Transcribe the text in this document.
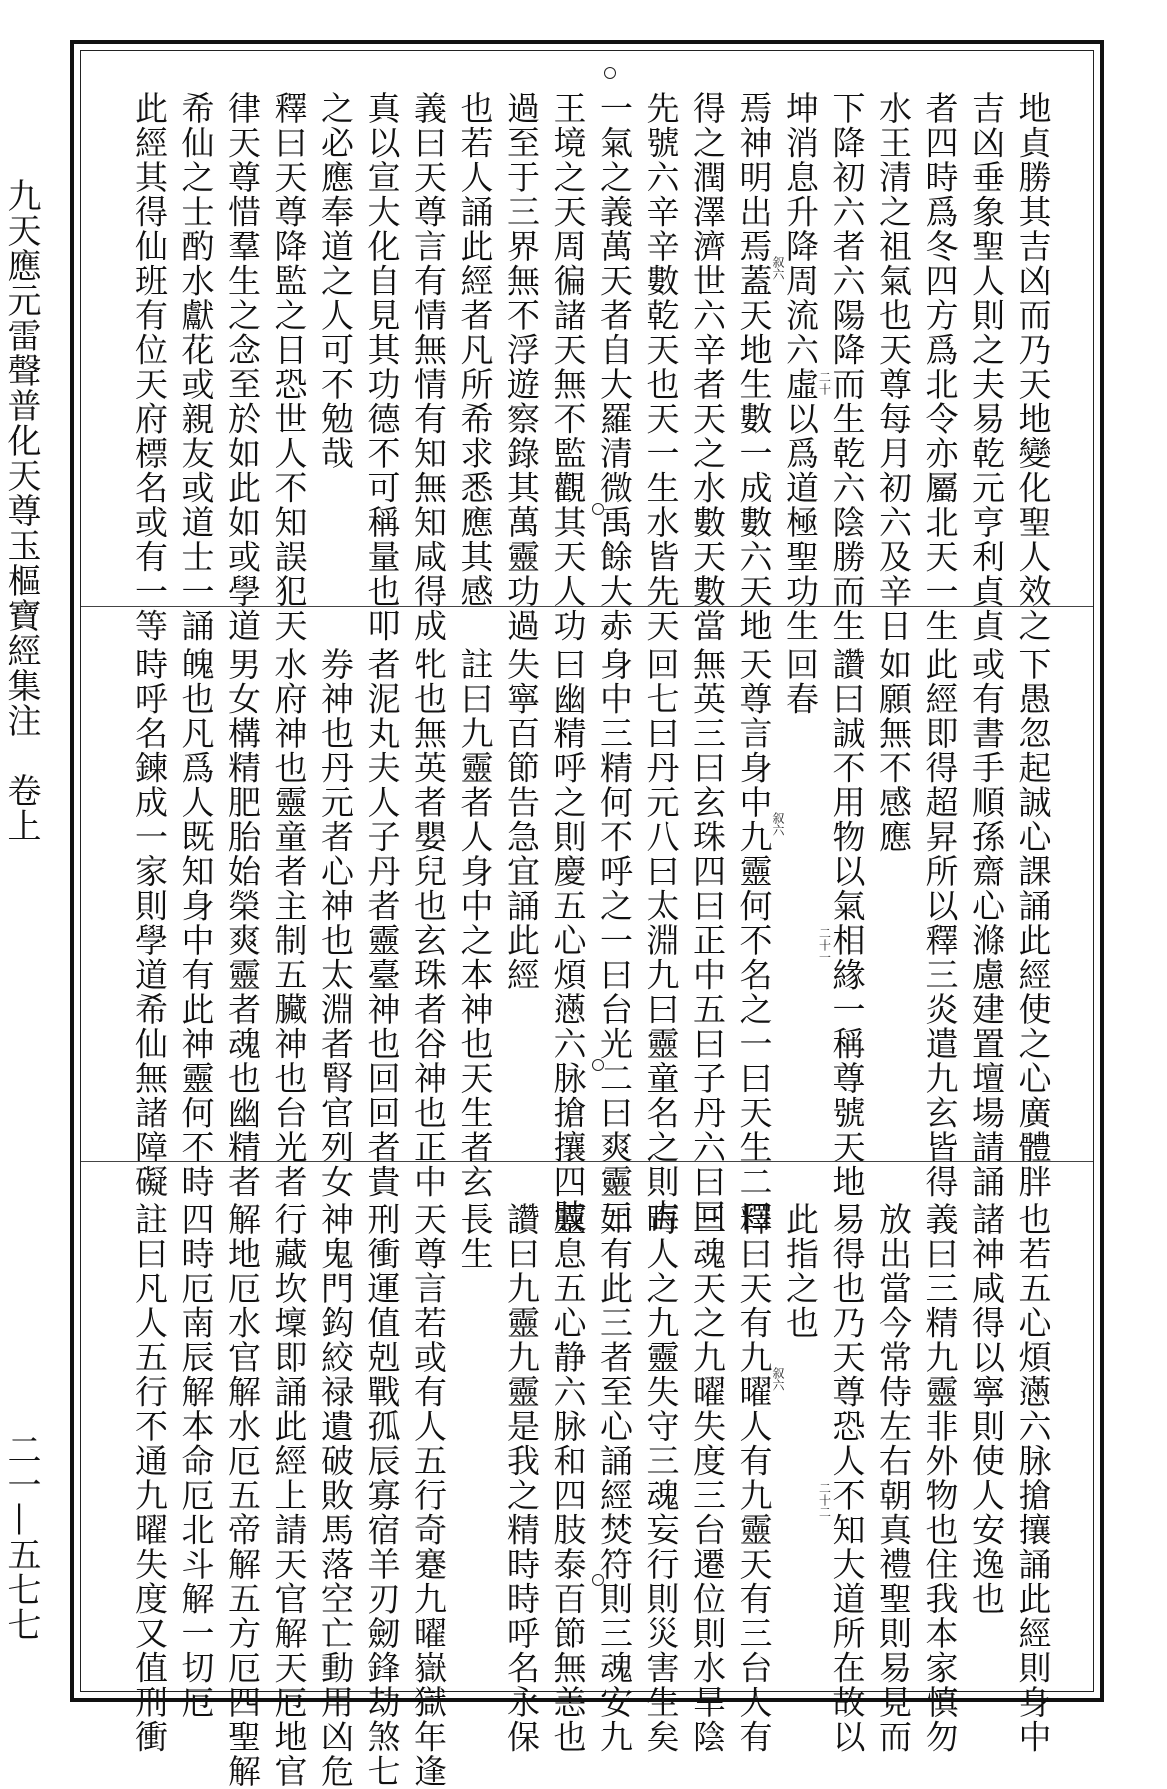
九天應元雷聲普化天尊玉樞寶經集注　卷上
二一—五七七
地貞勝其吉凶而乃天地變化聖人效之
吉凶垂象聖人則之夫易乾元亨利貞貞
者四時爲冬四方爲北令亦屬北天一生
水王清之祖氣也天尊每月初六及辛日
下降初六者六陽降而生乾六陰勝而生
坤消息升降周流六虛以爲道極聖功生
焉神明出焉蓋天地生數一成數六天地
得之潤澤濟世六辛者天之水數天數當
先號六辛辛數乾天也天一生水皆先天
一氣之義萬天者自大羅清微禹餘大赤
王境之天周徧諸天無不監觀其天人功
過至于三界無不浮遊察錄其萬靈功過
也若人誦此經者凡所希求悉應其感
義曰天尊言有情無情有知無知咸得成
真以宣大化自見其功德不可稱量也叩
之必應奉道之人可不勉哉
釋曰天尊降監之日恐世人不知誤犯天
律天尊惜羣生之念至於如此如或學道
希仙之士酌水獻花或親友或道士一誦
此經其得仙班有位天府標名或有一等	叙六
二十
下愚忽起誠心課誦此經使之心廣體胖
或有書手順孫齋心滌慮建置壇場請誦
此經即得超昇所以釋三炎遣九玄皆得
如願無不感應
讚曰誠不用物以氣相緣一稱尊號天地
回春
天尊言身中九靈何不名之一曰天生二曰
無英三曰玄珠四曰正中五曰子丹六曰回
回七曰丹元八曰太淵九曰靈童名之則吉
身中三精何不呼之一曰台光二曰爽靈三
曰幽精呼之則慶五心煩懣六脉搶攘四肢
失寧百節告急宜誦此經
註曰九靈者人身中之本神也天生者玄
牝也無英者嬰兒也玄珠者谷神也正中
者泥丸夫人子丹者靈臺神也回回者貴
券神也丹元者心神也太淵者腎官列女
水府神也靈童者主制五臟神也台光者
男女構精肥胎始榮爽靈者魂也幽精者
魄也凡爲人既知身中有此神靈何不時
時呼名鍊成一家則學道希仙無諸障礙	叙六
二十一
也若五心煩懣六脉搶攘誦此經則身中
諸神咸得以寧則使人安逸也
義曰三精九靈非外物也住我本家慎勿
放出當今常侍左右朝真禮聖則易見而
易得也乃天尊恐人不知大道所在故以
此指之也
釋曰天有九曜人有九靈天有三台人有
三魂天之九曜失度三台遷位則水旱陰
晦人之九靈失守三魂妄行則災害生矣
如有此三者至心誦經焚符則三魂安九
靈息五心静六脉和四肢泰百節無恙也
讚曰九靈九靈是我之精時時呼名永保
長生
天尊言若或有人五行奇蹇九曜嶽獄年逢
刑衝運值剋戰孤辰寡宿羊刃劒鋒劫煞七
神鬼門鈎絞禄遺破敗馬落空亡動用凶危
行藏坎壈即誦此經上請天官解天厄地官
解地厄水官解水厄五帝解五方厄四聖解
四時厄南辰解本命厄北斗解一切厄
註曰凡人五行不通九曜失度又值刑衝	叙六
二十二
